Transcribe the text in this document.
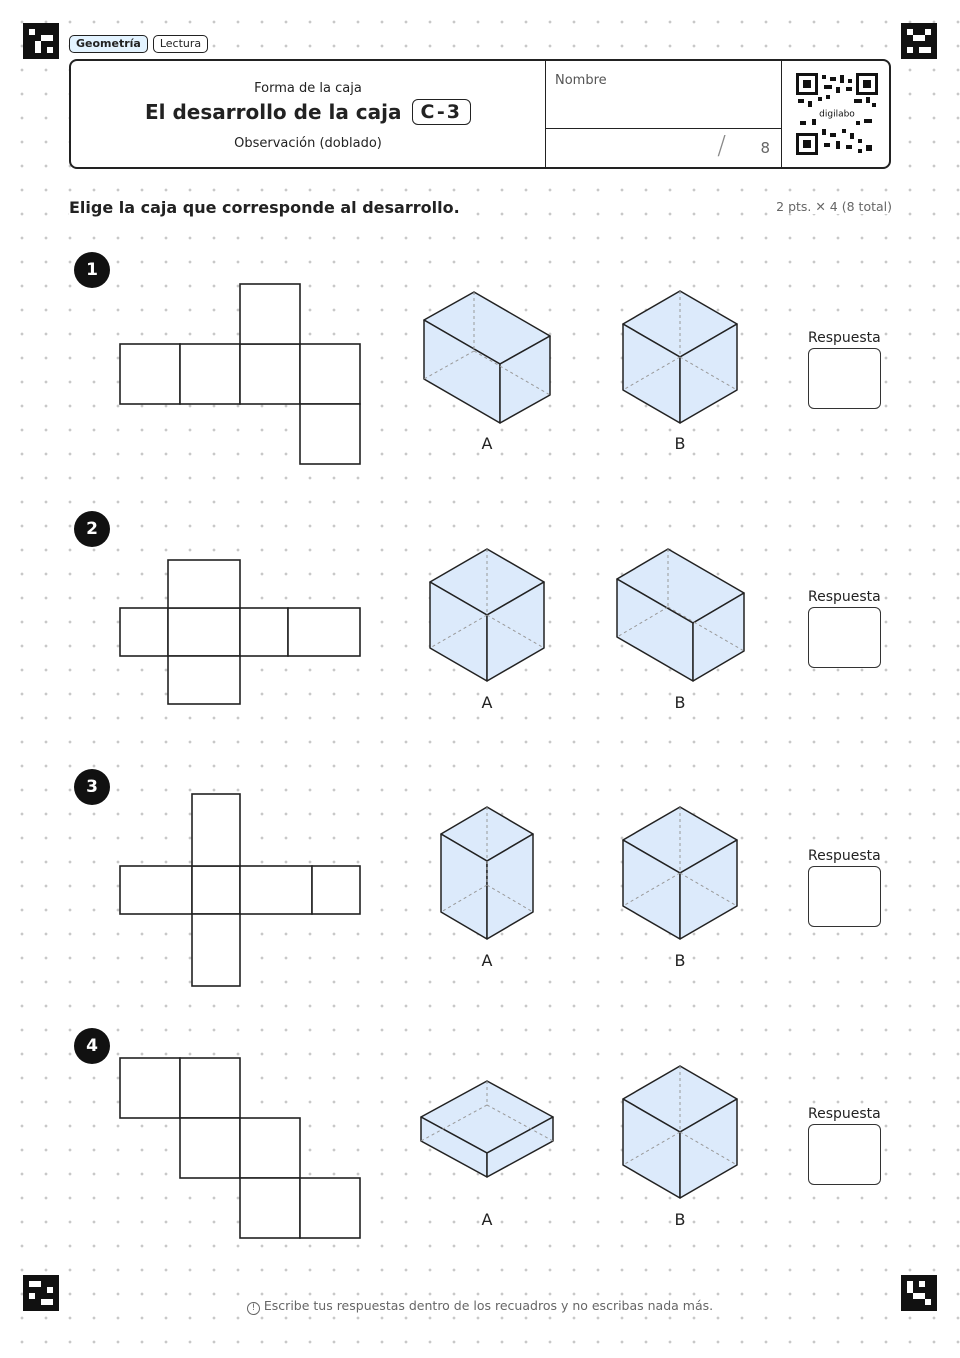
Geometría	Lectura
Forma de la caja
El desarrollo de la caja	C-3
Observación (doblado)
Nombre
/ 8
digilabo
Elige la caja que corresponde al desarrollo.	2 pts. ✕ 4 (8 total)
1
A	B
Respuesta
2
A	B
Respuesta
3
A	B
Respuesta
4
A	B
Respuesta
! Escribe tus respuestas dentro de los recuadros y no escribas nada más.
